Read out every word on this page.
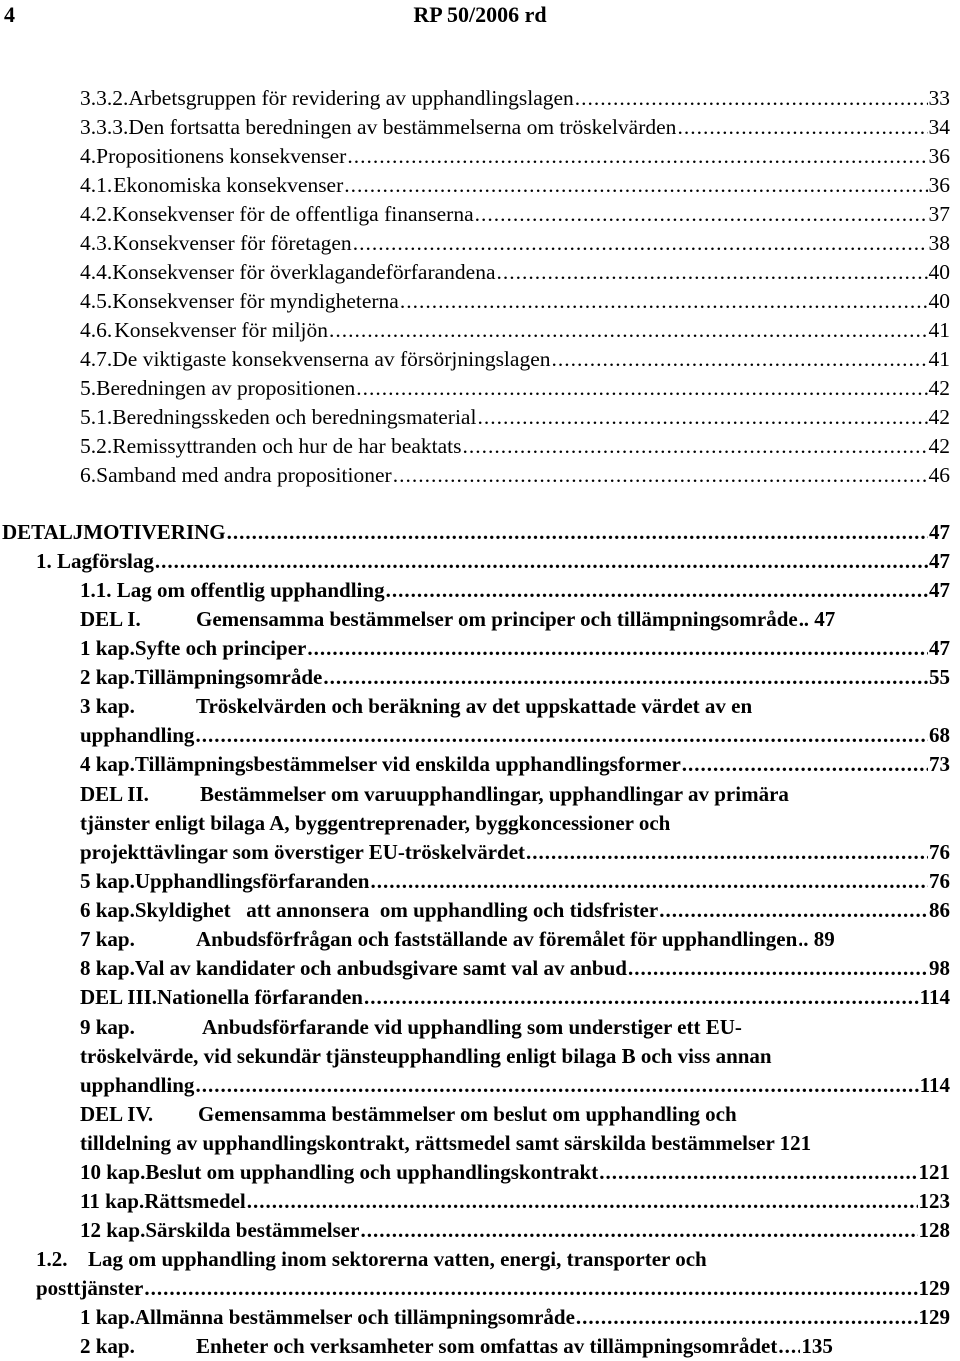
4	RP 50/2006 rd
3.3.2. Arbetsgruppen för revidering av upphandlingslagen .....	33
3.3.3. Den fortsatta beredningen av bestämmelserna om tröskelvärden .....	34
4. Propositionens konsekvenser .....	36
4.1. Ekonomiska konsekvenser .....	36
4.2. Konsekvenser för de offentliga finanserna .....	37
4.3. Konsekvenser för företagen .....	38
4.4. Konsekvenser för överklagandeförfarandena .....	40
4.5. Konsekvenser för myndigheterna .....	40
4.6. Konsekvenser för miljön .....	41
4.7. De viktigaste konsekvenserna av försörjningslagen .....	41
5. Beredningen av propositionen .....	42
5.1. Beredningsskeden och beredningsmaterial .....	42
5.2. Remissyttranden och hur de har beaktats .....	42
6. Samband med andra propositioner .....	46
DETALJMOTIVERING .....	47
1. Lagförslag .....	47
1.1. Lag om offentlig upphandling .....	47
DEL I.	Gemensamma bestämmelser om principer och tillämpningsområde ..... . 47
1 kap. Syfte och principer .....	47
2 kap. Tillämpningsområde .....	55
3 kap.	Tröskelvärden och beräkning av det uppskattade värdet av en
upphandling .....	68
4 kap. Tillämpningsbestämmelser vid enskilda upphandlingsformer .....	73
DEL II. Bestämmelser om varuupphandlingar, upphandlingar av primära
tjänster enligt bilaga A, byggentreprenader, byggkoncessioner och
projekttävlingar som överstiger EU-tröskelvärdet .....	76
5 kap. Upphandlingsförfaranden .....	76
6 kap. Skyldighet   att annonsera  om upphandling och tidsfrister .....	86
7 kap.	Anbudsförfrågan och fastställande av föremålet för upphandlingen ..... . 89
8 kap. Val av kandidater och anbudsgivare samt val av anbud .....	98
DEL III. Nationella förfaranden .....	114
9 kap.	Anbudsförfarande vid upphandling som understiger ett EU-
tröskelvärde, vid sekundär tjänsteupphandling enligt bilaga B och viss annan
upphandling .....	114
DEL IV. Gemensamma bestämmelser om beslut om upphandling och
tilldelning av upphandlingskontrakt, rättsmedel samt särskilda bestämmelser 121
10 kap. Beslut om upphandling och upphandlingskontrakt .....	121
11 kap. Rättsmedel .....	123
12 kap. Särskilda bestämmelser .....	128
1.2. Lag om upphandling inom sektorerna vatten, energi, transporter och
posttjänster .....	129
1 kap. Allmänna bestämmelser och tillämpningsområde .....	129
2 kap.	Enheter och verksamheter som omfattas av tillämpningsområdet ..... 135
